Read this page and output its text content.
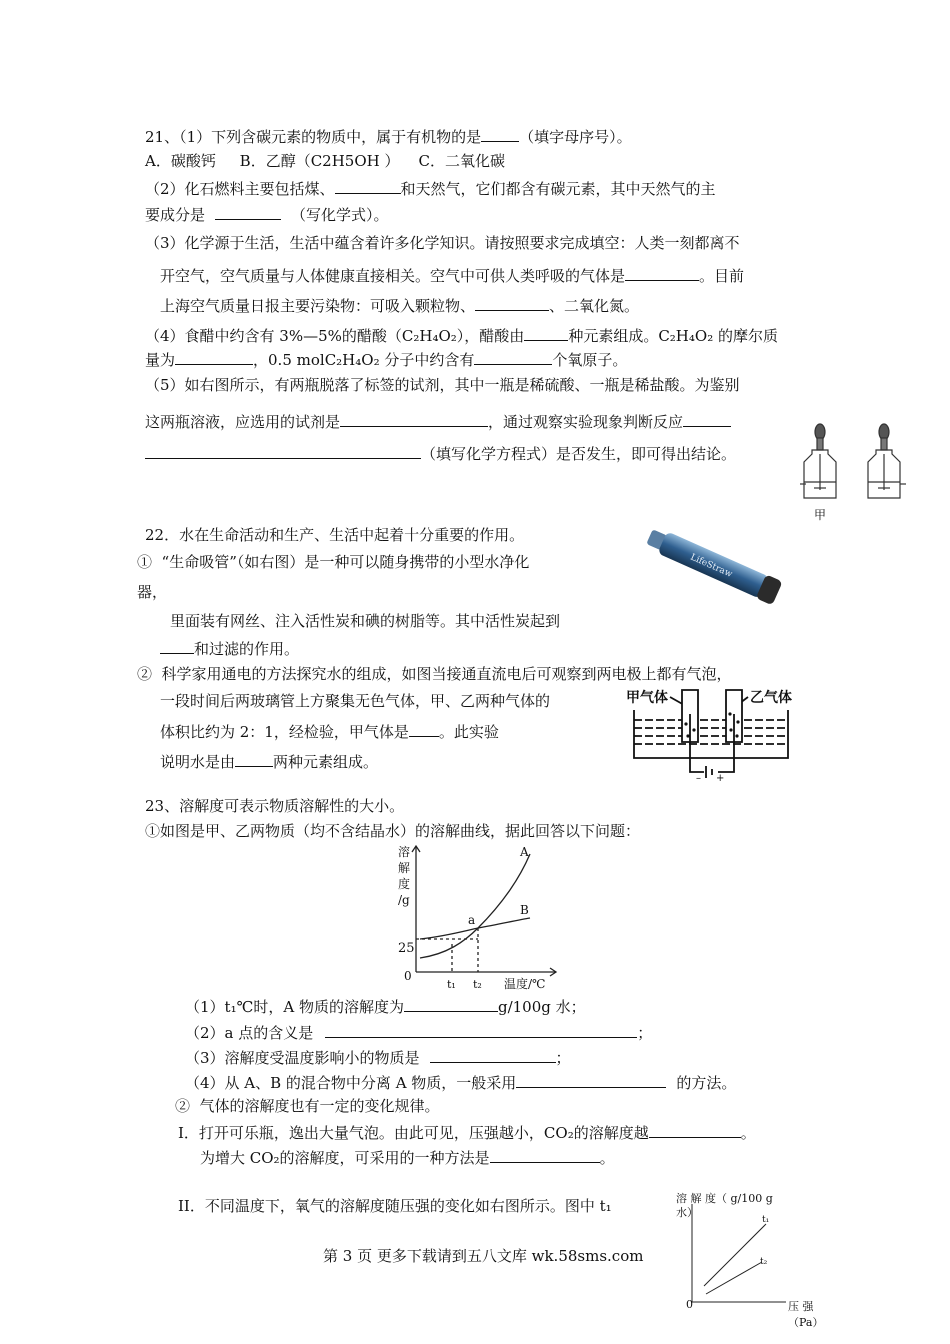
21、（1）下列含碳元素的物质中，属于有机物的是	（填字母序号）。
A．碳酸钙     B．乙醇（C2H5OH ）    C．二氧化碳
（2）化石燃料主要包括煤、	和天然气，它们都含有碳元素，其中天然气的主
要成分是	（写化学式）。
（3）化学源于生活，生活中蕴含着许多化学知识。请按照要求完成填空：人类一刻都离不
开空气，空气质量与人体健康直接相关。空气中可供人类呼吸的气体是	。目前
上海空气质量日报主要污染物：可吸入颗粒物、	、二氧化氮。
（4）食醋中约含有 3%—5%的醋酸（C₂H₄O₂），醋酸由	种元素组成。C₂H₄O₂ 的摩尔质
量为	，0.5 molC₂H₄O₂ 分子中约含有	个氧原子。
（5）如右图所示，有两瓶脱落了标签的试剂，其中一瓶是稀硫酸、一瓶是稀盐酸。为鉴别
这两瓶溶液，应选用的试剂是	，通过观察实验现象判断反应
（填写化学方程式）是否发生，即可得出结论。
甲
22．水在生命活动和生产、生活中起着十分重要的作用。
①  “生命吸管”（如右图）是一种可以随身携带的小型水净化
器，
里面装有网丝、注入活性炭和碘的树脂等。其中活性炭起到
和过滤的作用。
②  科学家用通电的方法探究水的组成，如图当接通直流电后可观察到两电极上都有气泡，
一段时间后两玻璃管上方聚集无色气体，甲、乙两种气体的
体积比约为 2：1，经检验，甲气体是 。此实验
说明水是由	两种元素组成。
LifeStraw
甲气体	乙气体
– +
23、溶解度可表示物质溶解性的大小。
①如图是甲、乙两物质（均不含结晶水）的溶解曲线，据此回答以下问题：
溶
解
度
/g
25
0
t₁ t₂ 温度/℃
A
B
a
（1）t₁℃时，A 物质的溶解度为	g/100g 水；
（2）a 点的含义是	；
（3）溶解度受温度影响小的物质是	；
（4）从 A、B 的混合物中分离 A 物质，一般采用	的方法。
②  气体的溶解度也有一定的变化规律。
I．打开可乐瓶，逸出大量气泡。由此可见，压强越小，CO₂的溶解度越	。
为增大 CO₂的溶解度，可采用的一种方法是	。
II．不同温度下，氧气的溶解度随压强的变化如右图所示。图中 t₁
第 3 页 更多下载请到五八文库 wk.58sms.com
溶 解 度（ g/100 g
水）
0
t₁
t₂
压 强
（Pa）
